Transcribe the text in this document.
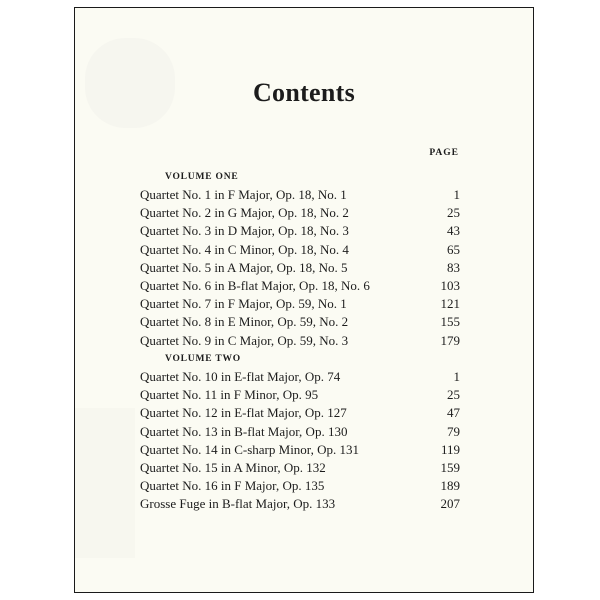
Contents
PAGE
VOLUME ONE
Quartet No. 1 in F Major, Op. 18, No. 1	1
Quartet No. 2 in G Major, Op. 18, No. 2	25
Quartet No. 3 in D Major, Op. 18, No. 3	43
Quartet No. 4 in C Minor, Op. 18, No. 4	65
Quartet No. 5 in A Major, Op. 18, No. 5	83
Quartet No. 6 in B-flat Major, Op. 18, No. 6	103
Quartet No. 7 in F Major, Op. 59, No. 1	121
Quartet No. 8 in E Minor, Op. 59, No. 2	155
Quartet No. 9 in C Major, Op. 59, No. 3	179
VOLUME TWO
Quartet No. 10 in E-flat Major, Op. 74	1
Quartet No. 11 in F Minor, Op. 95	25
Quartet No. 12 in E-flat Major, Op. 127	47
Quartet No. 13 in B-flat Major, Op. 130	79
Quartet No. 14 in C-sharp Minor, Op. 131	119
Quartet No. 15 in A Minor, Op. 132	159
Quartet No. 16 in F Major, Op. 135	189
Grosse Fuge in B-flat Major, Op. 133	207
